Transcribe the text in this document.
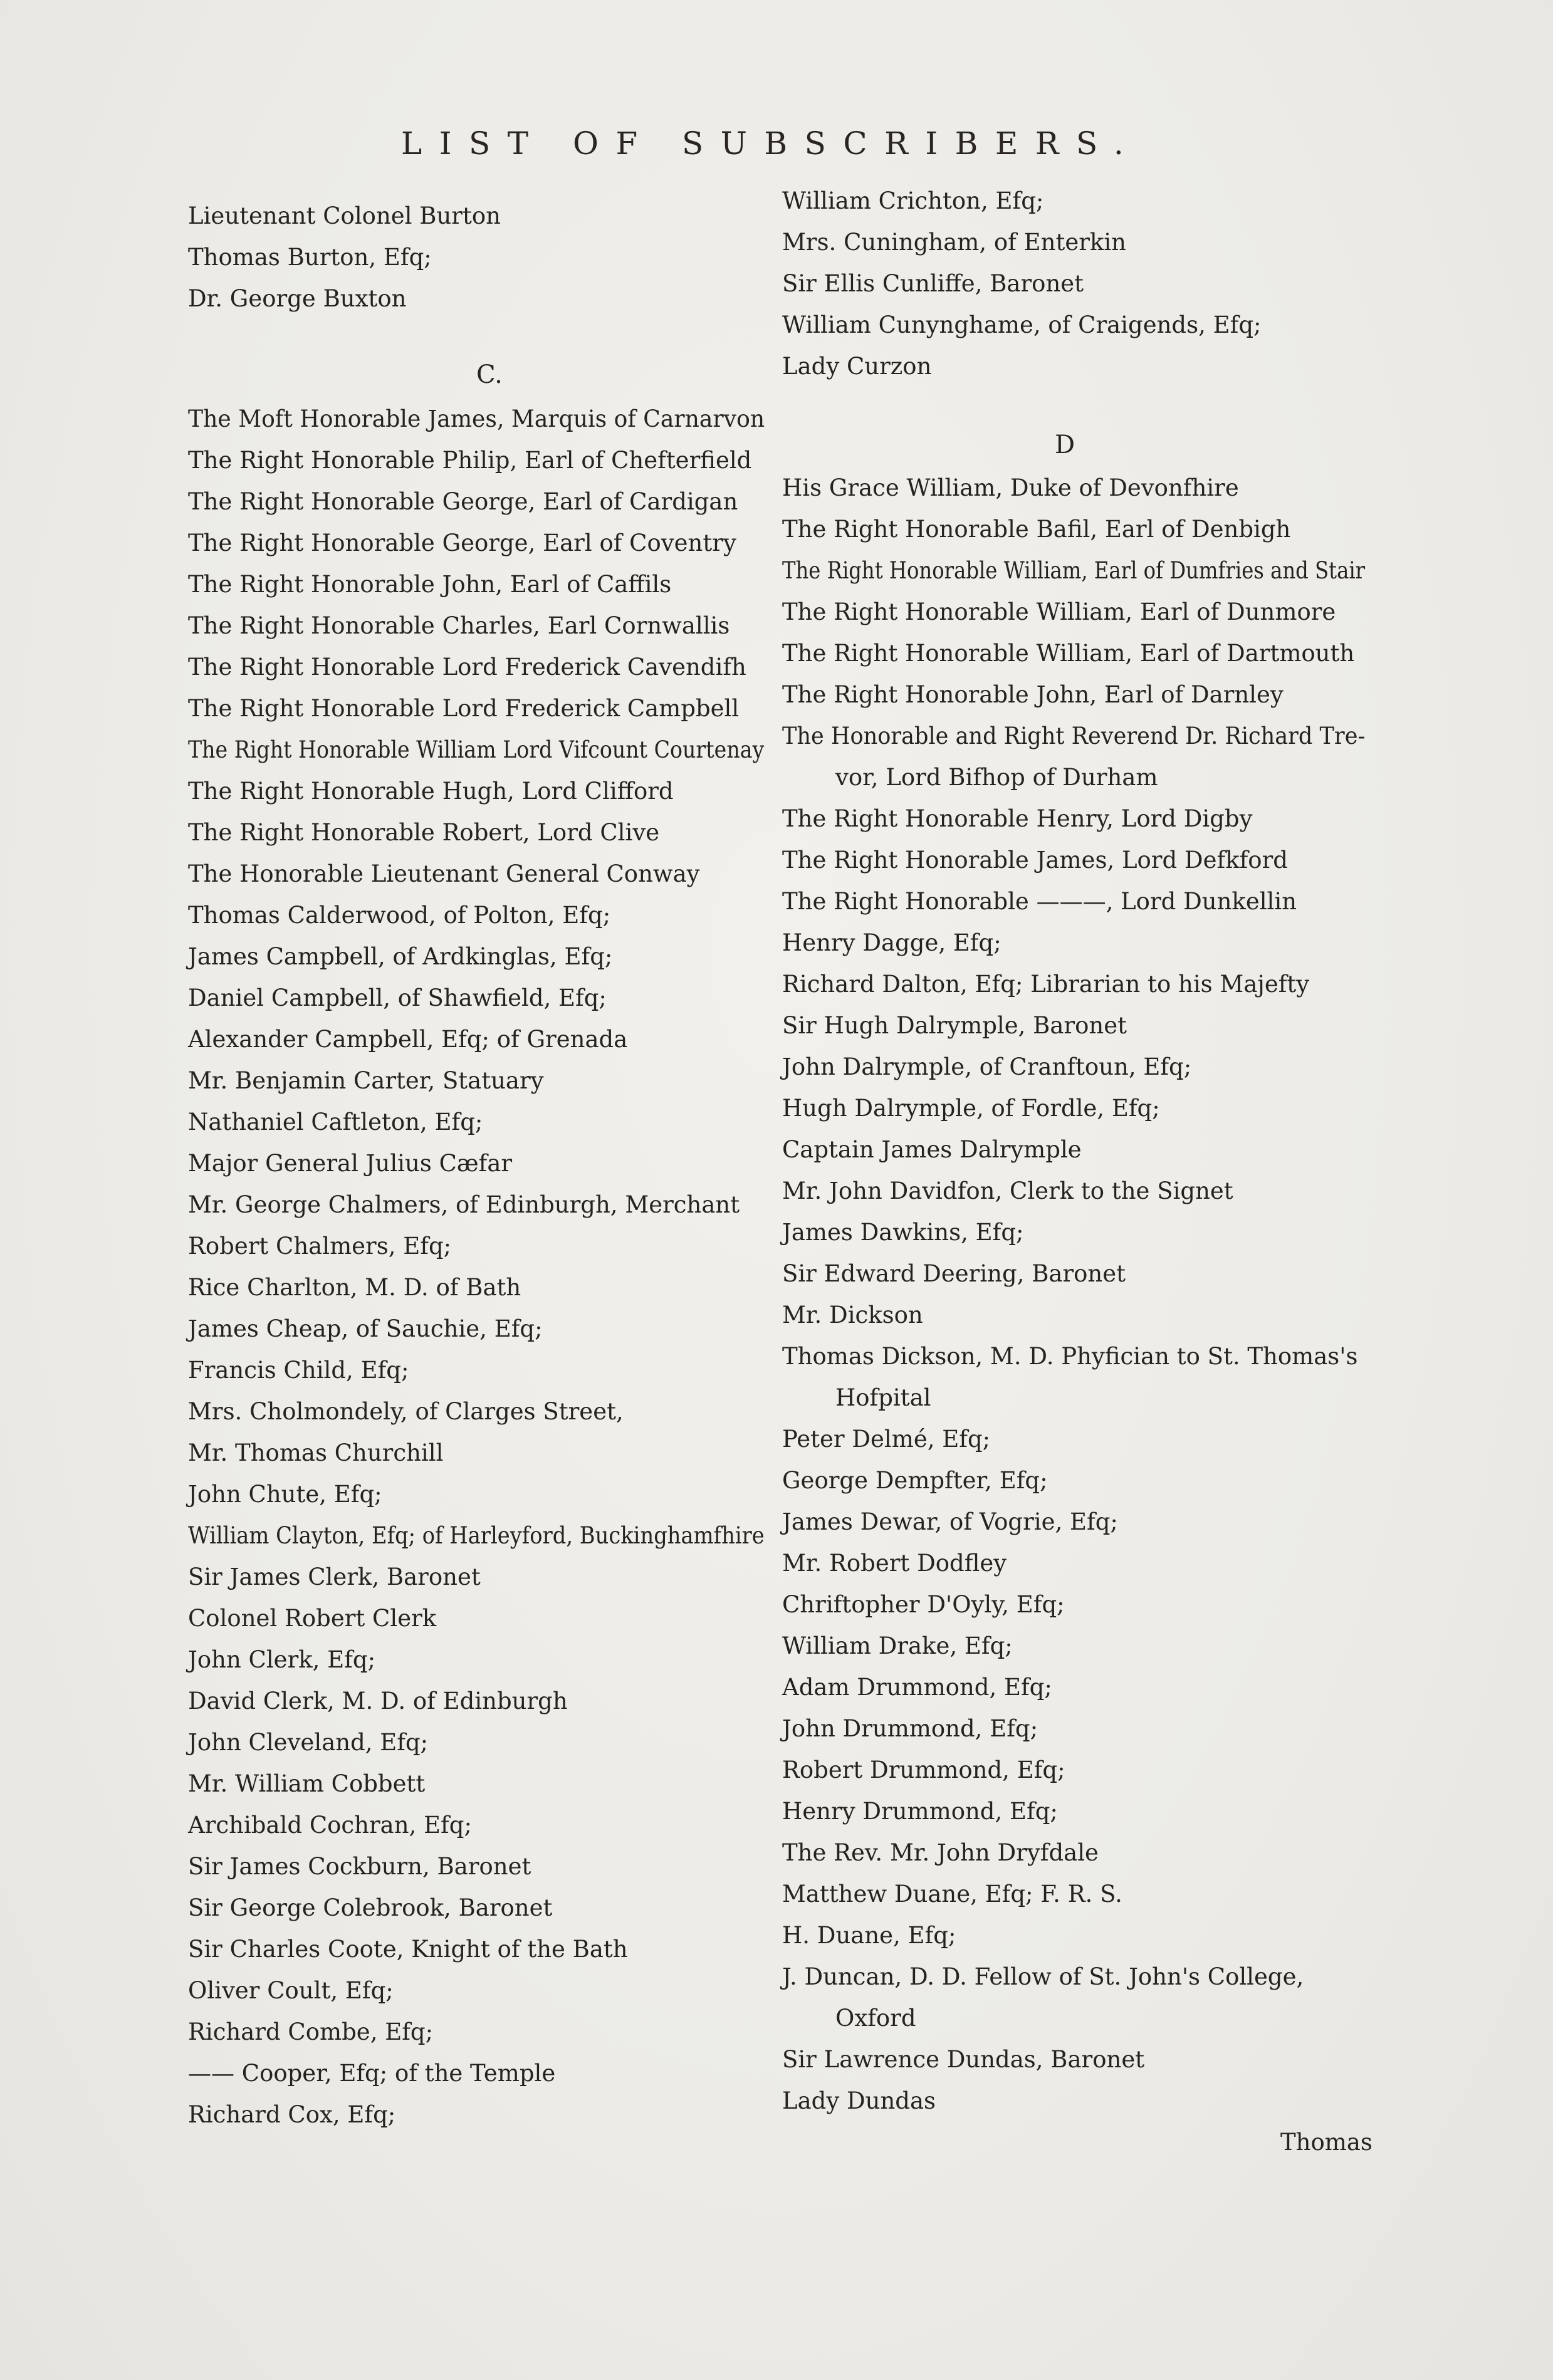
LIST OF SUBSCRIBERS.
Lieutenant Colonel Burton
Thomas Burton, Efq;
Dr. George Buxton
C.
The Moft Honorable James, Marquis of Carnarvon
The Right Honorable Philip, Earl of Chefterfield
The Right Honorable George, Earl of Cardigan
The Right Honorable George, Earl of Coventry
The Right Honorable John, Earl of Caffils
The Right Honorable Charles, Earl Cornwallis
The Right Honorable Lord Frederick Cavendifh
The Right Honorable Lord Frederick Campbell
The Right Honorable William Lord Vifcount Courtenay
The Right Honorable Hugh, Lord Clifford
The Right Honorable Robert, Lord Clive
The Honorable Lieutenant General Conway
Thomas Calderwood, of Polton, Efq;
James Campbell, of Ardkinglas, Efq;
Daniel Campbell, of Shawfield, Efq;
Alexander Campbell, Efq; of Grenada
Mr. Benjamin Carter, Statuary
Nathaniel Caftleton, Efq;
Major General Julius Cæfar
Mr. George Chalmers, of Edinburgh, Merchant
Robert Chalmers, Efq;
Rice Charlton, M. D. of Bath
James Cheap, of Sauchie, Efq;
Francis Child, Efq;
Mrs. Cholmondely, of Clarges Street,
Mr. Thomas Churchill
John Chute, Efq;
William Clayton, Efq; of Harleyford, Buckinghamfhire
Sir James Clerk, Baronet
Colonel Robert Clerk
John Clerk, Efq;
David Clerk, M. D. of Edinburgh
John Cleveland, Efq;
Mr. William Cobbett
Archibald Cochran, Efq;
Sir James Cockburn, Baronet
Sir George Colebrook, Baronet
Sir Charles Coote, Knight of the Bath
Oliver Coult, Efq;
Richard Combe, Efq;
—— Cooper, Efq; of the Temple
Richard Cox, Efq;
William Crichton, Efq;
Mrs. Cuningham, of Enterkin
Sir Ellis Cunliffe, Baronet
William Cunynghame, of Craigends, Efq;
Lady Curzon
D
His Grace William, Duke of Devonfhire
The Right Honorable Bafil, Earl of Denbigh
The Right Honorable William, Earl of Dumfries and Stair
The Right Honorable William, Earl of Dunmore
The Right Honorable William, Earl of Dartmouth
The Right Honorable John, Earl of Darnley
The Honorable and Right Reverend Dr. Richard Tre-
vor, Lord Bifhop of Durham
The Right Honorable Henry, Lord Digby
The Right Honorable James, Lord Defkford
The Right Honorable ———, Lord Dunkellin
Henry Dagge, Efq;
Richard Dalton, Efq; Librarian to his Majefty
Sir Hugh Dalrymple, Baronet
John Dalrymple, of Cranftoun, Efq;
Hugh Dalrymple, of Fordle, Efq;
Captain James Dalrymple
Mr. John Davidfon, Clerk to the Signet
James Dawkins, Efq;
Sir Edward Deering, Baronet
Mr. Dickson
Thomas Dickson, M. D. Phyfician to St. Thomas's
Hofpital
Peter Delmé, Efq;
George Dempfter, Efq;
James Dewar, of Vogrie, Efq;
Mr. Robert Dodfley
Chriftopher D'Oyly, Efq;
William Drake, Efq;
Adam Drummond, Efq;
John Drummond, Efq;
Robert Drummond, Efq;
Henry Drummond, Efq;
The Rev. Mr. John Dryfdale
Matthew Duane, Efq; F. R. S.
H. Duane, Efq;
J. Duncan, D. D. Fellow of St. John's College,
Oxford
Sir Lawrence Dundas, Baronet
Lady Dundas
Thomas
